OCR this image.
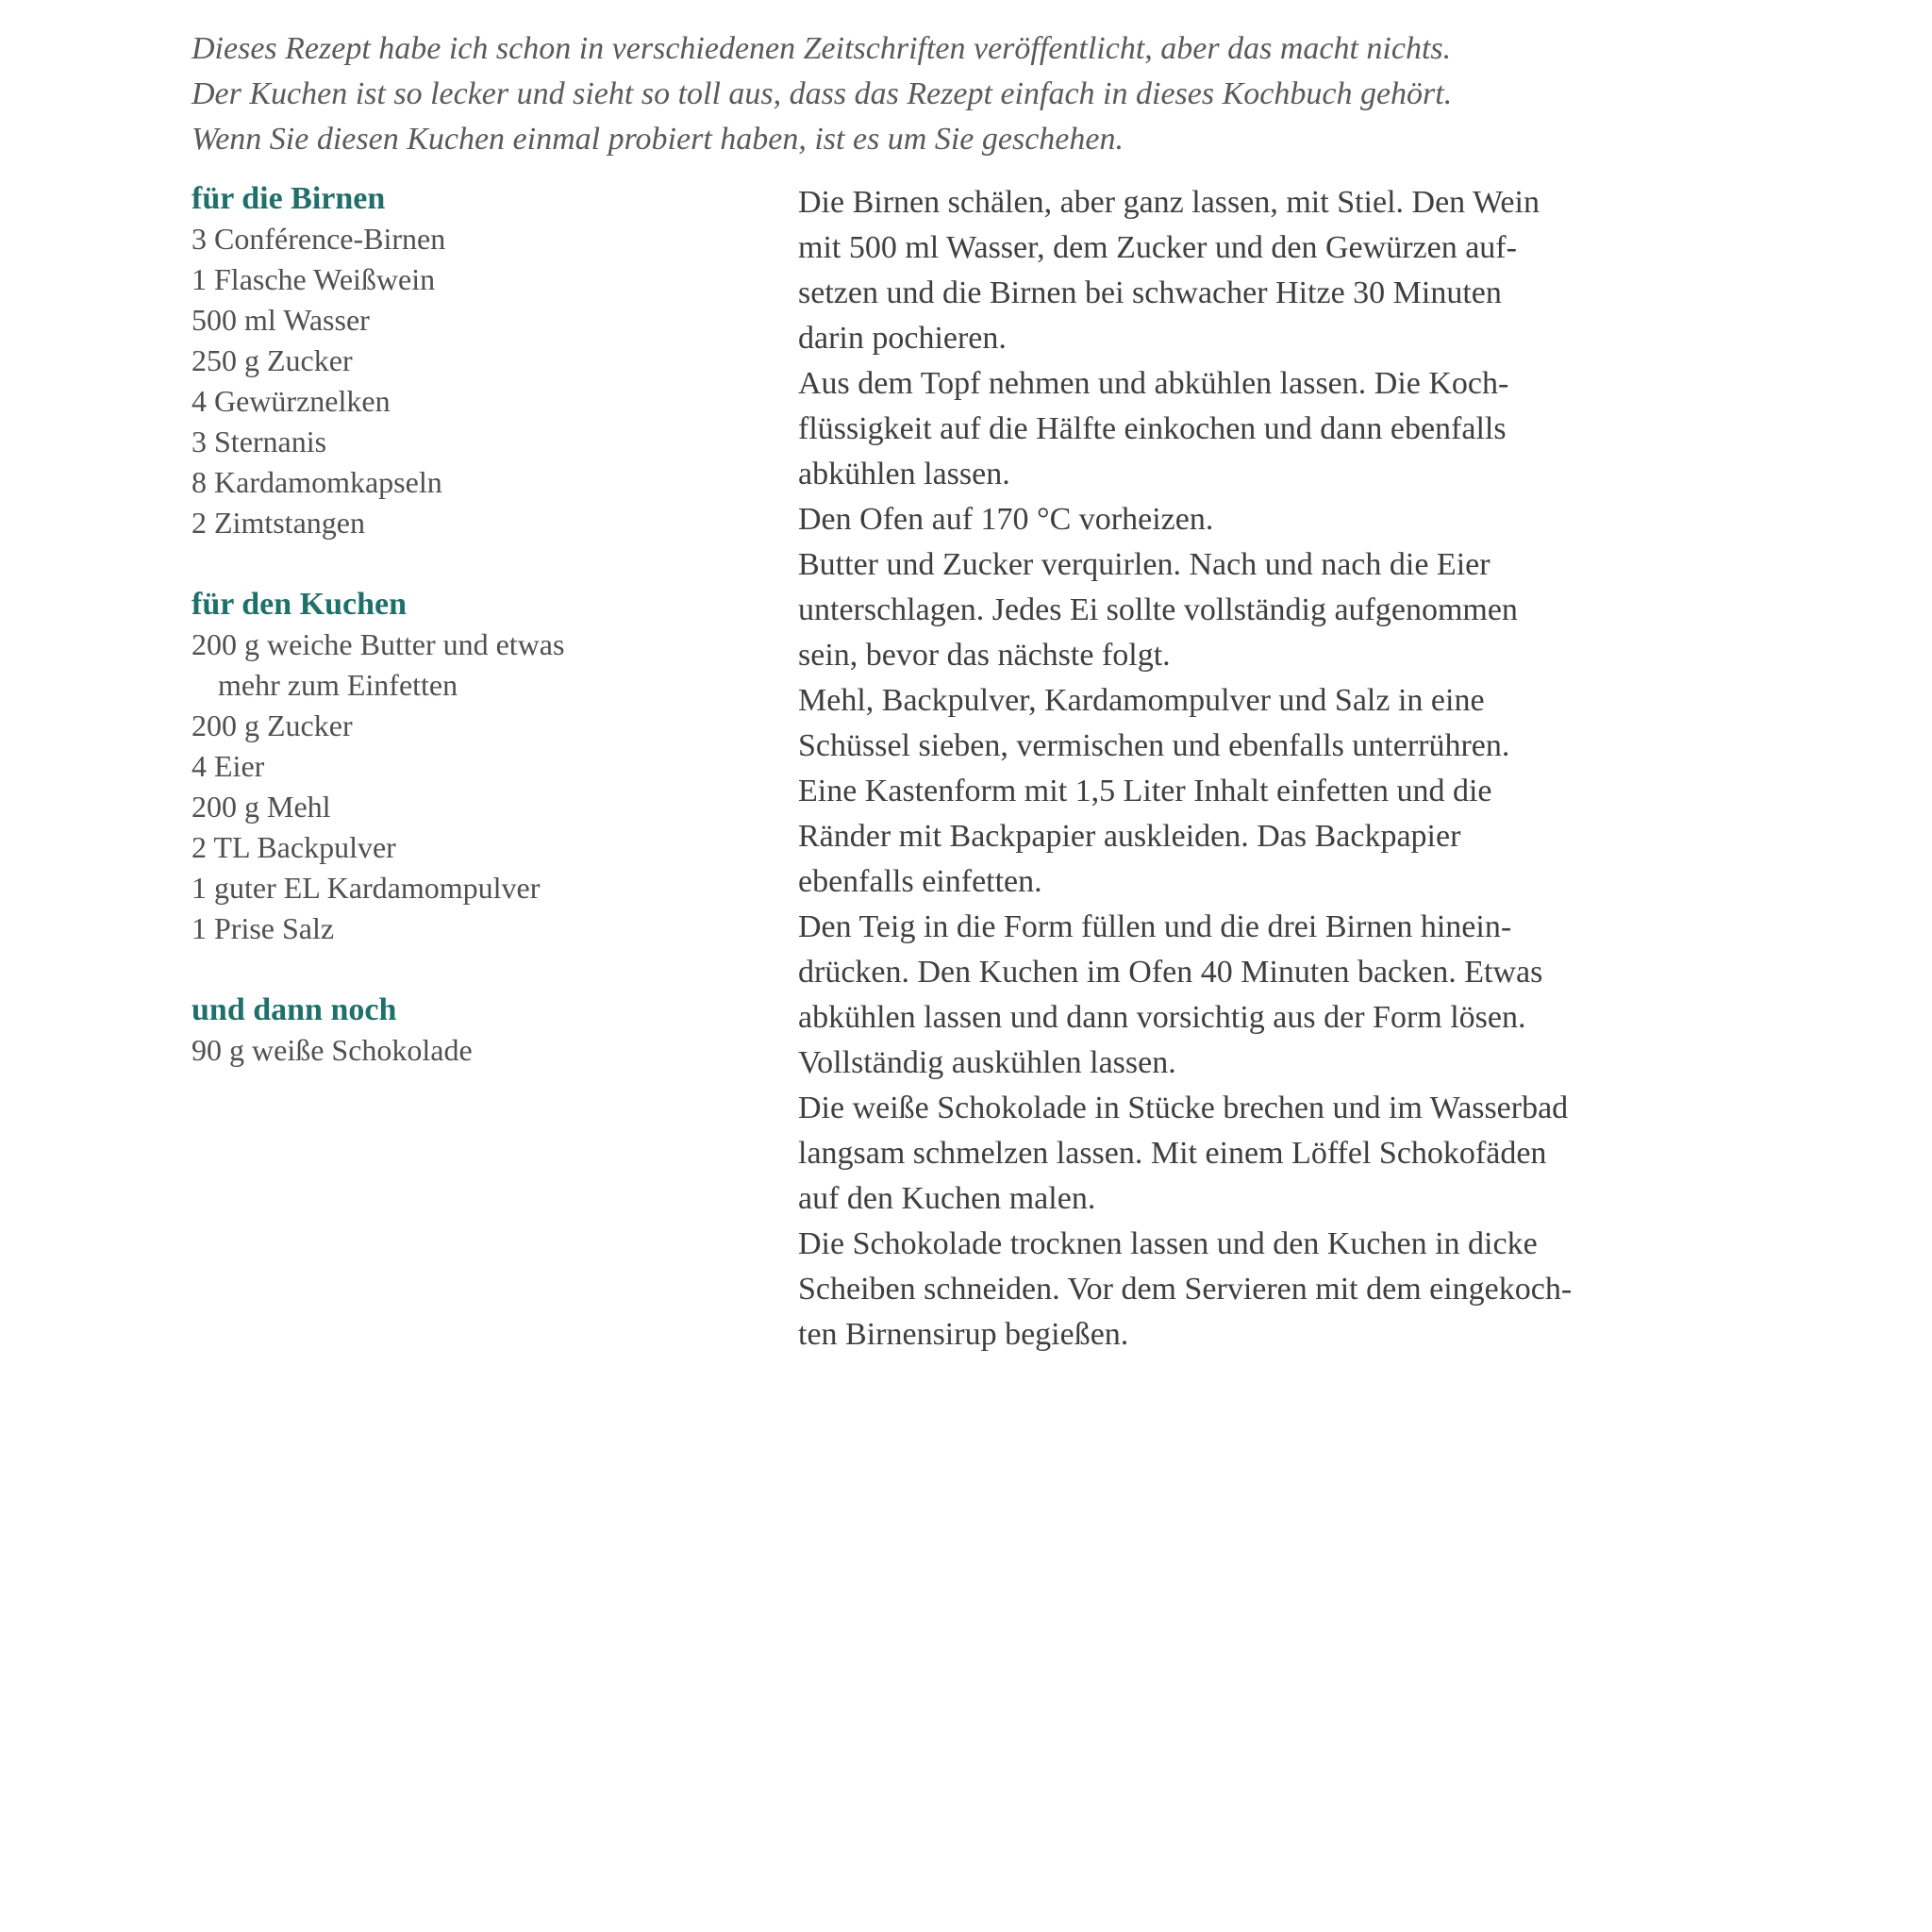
Dieses Rezept habe ich schon in verschiedenen Zeitschriften veröffentlicht, aber das macht nichts.
Der Kuchen ist so lecker und sieht so toll aus, dass das Rezept einfach in dieses Kochbuch gehört.
Wenn Sie diesen Kuchen einmal probiert haben, ist es um Sie geschehen.
für die Birnen
3 Conférence-Birnen
1 Flasche Weißwein
500 ml Wasser
250 g Zucker
4 Gewürznelken
3 Sternanis
8 Kardamomkapseln
2 Zimtstangen
für den Kuchen
200 g weiche Butter und etwas
mehr zum Einfetten
200 g Zucker
4 Eier
200 g Mehl
2 TL Backpulver
1 guter EL Kardamompulver
1 Prise Salz
und dann noch
90 g weiße Schokolade
Die Birnen schälen, aber ganz lassen, mit Stiel. Den Wein
mit 500 ml Wasser, dem Zucker und den Gewürzen auf-
setzen und die Birnen bei schwacher Hitze 30 Minuten
darin pochieren.
Aus dem Topf nehmen und abkühlen lassen. Die Koch-
flüssigkeit auf die Hälfte einkochen und dann ebenfalls
abkühlen lassen.
Den Ofen auf 170 °C vorheizen.
Butter und Zucker verquirlen. Nach und nach die Eier
unterschlagen. Jedes Ei sollte vollständig aufgenommen
sein, bevor das nächste folgt.
Mehl, Backpulver, Kardamompulver und Salz in eine
Schüssel sieben, vermischen und ebenfalls unterrühren.
Eine Kastenform mit 1,5 Liter Inhalt einfetten und die
Ränder mit Backpapier auskleiden. Das Backpapier
ebenfalls einfetten.
Den Teig in die Form füllen und die drei Birnen hinein-
drücken. Den Kuchen im Ofen 40 Minuten backen. Etwas
abkühlen lassen und dann vorsichtig aus der Form lösen.
Vollständig auskühlen lassen.
Die weiße Schokolade in Stücke brechen und im Wasserbad
langsam schmelzen lassen. Mit einem Löffel Schokofäden
auf den Kuchen malen.
Die Schokolade trocknen lassen und den Kuchen in dicke
Scheiben schneiden. Vor dem Servieren mit dem eingekoch-
ten Birnensirup begießen.
